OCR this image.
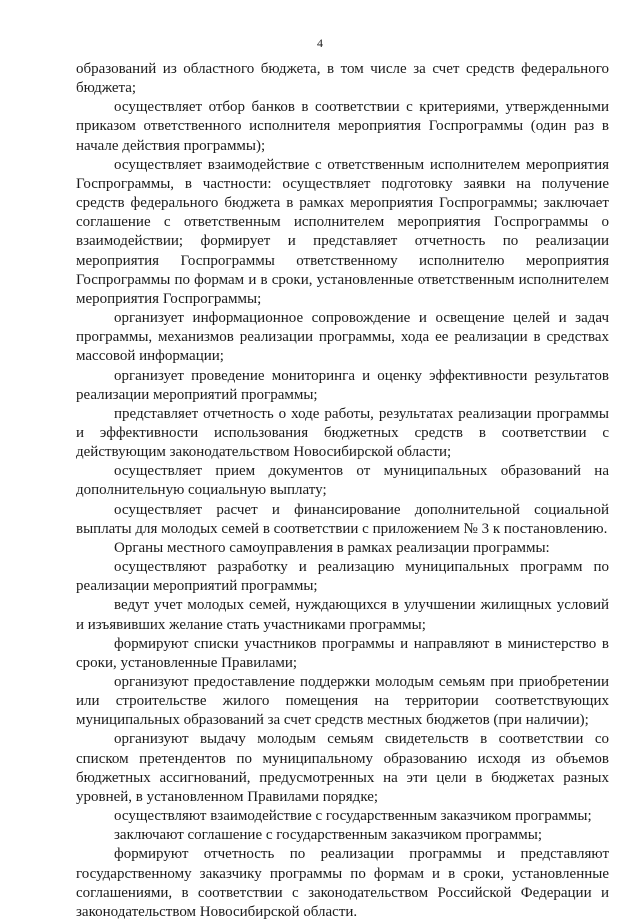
4

образований из областного бюджета, в том числе за счет средств федерального бюджета;

осуществляет отбор банков в соответствии с критериями, утвержденными приказом ответственного исполнителя мероприятия Госпрограммы (один раз в начале действия программы);

осуществляет взаимодействие с ответственным исполнителем мероприятия Госпрограммы, в частности: осуществляет подготовку заявки на получение средств федерального бюджета в рамках мероприятия Госпрограммы; заключает соглашение с ответственным исполнителем мероприятия Госпрограммы о взаимодействии; формирует и представляет отчетность по реализации мероприятия Госпрограммы ответственному исполнителю мероприятия Госпрограммы по формам и в сроки, установленные ответственным исполнителем мероприятия Госпрограммы;

организует информационное сопровождение и освещение целей и задач программы, механизмов реализации программы, хода ее реализации в средствах массовой информации;

организует проведение мониторинга и оценку эффективности результатов реализации мероприятий программы;

представляет отчетность о ходе работы, результатах реализации программы и эффективности использования бюджетных средств в соответствии с действующим законодательством Новосибирской области;

осуществляет прием документов от муниципальных образований на дополнительную социальную выплату;

осуществляет расчет и финансирование дополнительной социальной выплаты для молодых семей в соответствии с приложением № 3 к постановлению.

Органы местного самоуправления в рамках реализации программы:

осуществляют разработку и реализацию муниципальных программ по реализации мероприятий программы;

ведут учет молодых семей, нуждающихся в улучшении жилищных условий и изъявивших желание стать участниками программы;

формируют списки участников программы и направляют в министерство в сроки, установленные Правилами;

организуют предоставление поддержки молодым семьям при приобретении или строительстве жилого помещения на территории соответствующих муниципальных образований за счет средств местных бюджетов (при наличии);

организуют выдачу молодым семьям свидетельств в соответствии со списком претендентов по муниципальному образованию исходя из объемов бюджетных ассигнований, предусмотренных на эти цели в бюджетах разных уровней, в установленном Правилами порядке;

осуществляют взаимодействие с государственным заказчиком программы;

заключают соглашение с государственным заказчиком программы;

формируют отчетность по реализации программы и представляют государственному заказчику программы по формам и в сроки, установленные соглашениями, в соответствии с законодательством Российской Федерации и законодательством Новосибирской области.
